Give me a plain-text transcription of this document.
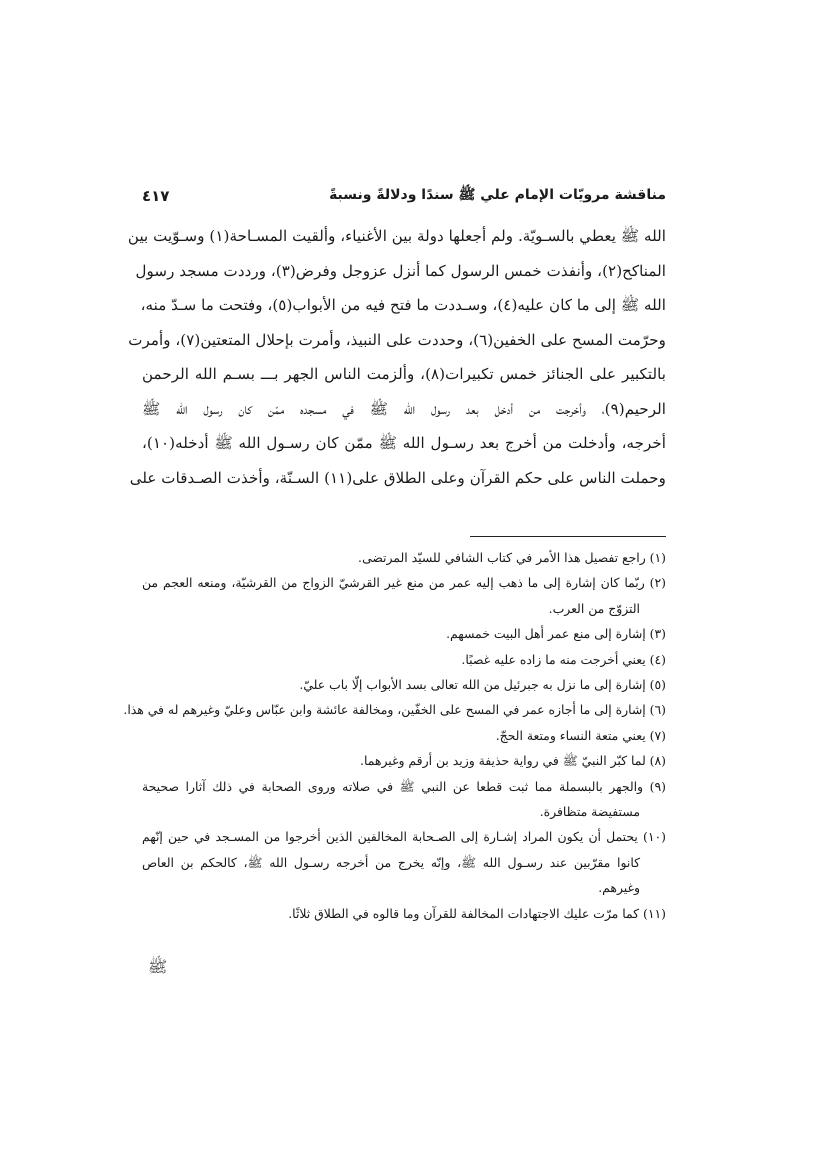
مناقشة مرويّات الإمام علي ﷺ سندًا ودلالةً ونسبةً
٤١٧

الله ﷺ يعطي بالسـويّة. ولم أجعلها دولة بين الأغنياء، وألقيت المسـاحة(١) وسـوّيت بين
المناكح(٢)، وأنفذت خمس الرسول كما أنزل عزوجل وفرض(٣)، ورددت مسجد رسول
الله ﷺ إلى ما كان عليه(٤)، وسـددت ما فتح فيه من الأبواب(٥)، وفتحت ما سـدّ منه،
وحرّمت المسح على الخفين(٦)، وحددت على النبيذ، وأمرت بإحلال المتعتين(٧)، وأمرت
بالتكبير على الجنائز خمس تكبيرات(٨)، وألزمت الناس الجهر بـــ بسـم الله الرحمن
الرحيم(٩)، وأخرجت من أدخل بعد رسول الله ﷺ في مسجده ممّن كان رسول الله ﷺ
أخرجه، وأدخلت من أخرج بعد رسـول الله ﷺ ممّن كان رسـول الله ﷺ أدخله(١٠)،
وحملت الناس على حكم القرآن وعلى الطلاق على(١١) السـنّة، وأخذت الصـدقات على

(١) راجع تفصيل هذا الأمر في كتاب الشافي للسيّد المرتضى.
(٢) ربّما كان إشارة إلى ما ذهب إليه عمر من منع غير القرشيّ الزواج من القرشيّة، ومنعه العجم من
التزوّج من العرب.
(٣) إشارة إلى منع عمر أهل البيت خمسهم.
(٤) يعني أخرجت منه ما زاده عليه غصبًا.
(٥) إشارة إلى ما نزل به جبرئيل من الله تعالى بسد الأبواب إلّا باب عليّ.
(٦) إشارة إلى ما أجازه عمر في المسح على الخفّين، ومخالفة عائشة وابن عبّاس وعليّ وغيرهم له في هذا.
(٧) يعني متعة النساء ومتعة الحجّ.
(٨) لما كبّر النبيّ ﷺ في رواية حذيفة وزيد بن أرقم وغيرهما.
(٩) والجهر بالبسملة مما ثبت قطعا عن النبي ﷺ في صلاته وروى الصحابة في ذلك آثارا صحيحة
مستفيضة متظافرة.
(١٠) يحتمل أن يكون المراد إشـارة إلى الصـحابة المخالفين الذين أخرجوا من المسـجد في حين إنّهم
كانوا مقرّبين عند رسـول الله ﷺ، وإنّه يخرج من أخرجه رسـول الله ﷺ، كالحكم بن العاص
وغيرهم.
(١١) كما مرّت عليك الاجتهادات المخالفة للقرآن وما قالوه في الطلاق ثلاثًا.
ﷺ
